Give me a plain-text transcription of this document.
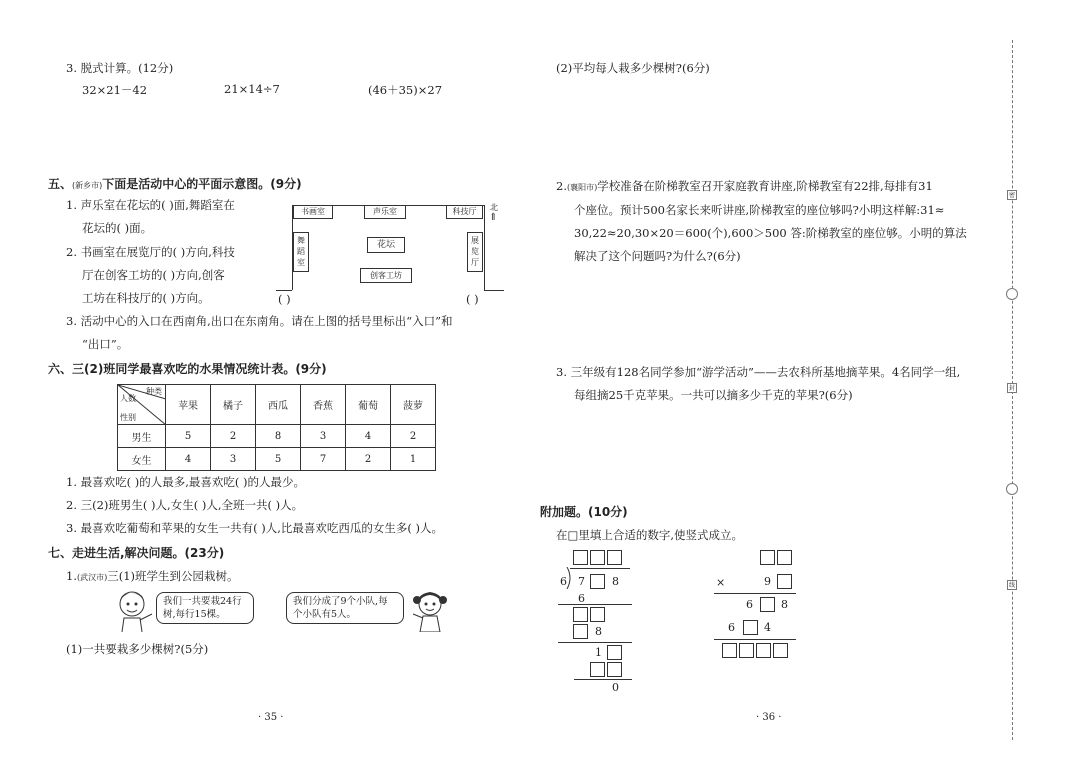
3. 脱式计算。(12分)
32×21－42	21×14÷7	(46＋35)×27
五、(新乡市)下面是活动中心的平面示意图。(9分)
1. 声乐室在花坛的( )面,舞蹈室在
花坛的( )面。
2. 书画室在展览厅的( )方向,科技
厅在创客工坊的( )方向,创客
工坊在科技厅的( )方向。
3. 活动中心的入口在西南角,出口在东南角。请在上图的括号里标出“入口”和
“出口”。
书画室	声乐室	科技厅
舞蹈室
花坛	展览厅
创客工坊
北
⇑
( )	( )
六、三(2)班同学最喜欢吃的水果情况统计表。(9分)
种类
人数
性别	苹果	橘子	西瓜	香蕉	葡萄	菠萝
男生	5	2	8	3	4	2
女生	4	3	5	7	2	1
1. 最喜欢吃( )的人最多,最喜欢吃( )的人最少。
2. 三(2)班男生( )人,女生( )人,全班一共( )人。
3. 最喜欢吃葡萄和苹果的女生一共有( )人,比最喜欢吃西瓜的女生多( )人。
七、走进生活,解决问题。(23分)
1.(武汉市)三(1)班学生到公园栽树。
我们一共要栽24行树,每行15棵。
我们分成了9个小队,每个小队有5人。
(1)一共要栽多少棵树?(5分)
· 35 ·
(2)平均每人栽多少棵树?(6分)
2.(襄阳市)学校准备在阶梯教室召开家庭教育讲座,阶梯教室有22排,每排有31
个座位。预计500名家长来听讲座,阶梯教室的座位够吗?小明这样解:31≈
30,22≈20,30×20＝600(个),600＞500 答:阶梯教室的座位够。小明的算法
解决了这个问题吗?为什么?(6分)
3. 三年级有128名同学参加“游学活动”——去农科所基地摘苹果。4名同学一组,
每组摘25千克苹果。一共可以摘多少千克的苹果?(6分)
附加题。(10分)
在□里填上合适的数字,使竖式成立。
6 7 8
6
8
1
0
×	9
6	8
6	4
· 36 ·
密
封
线
